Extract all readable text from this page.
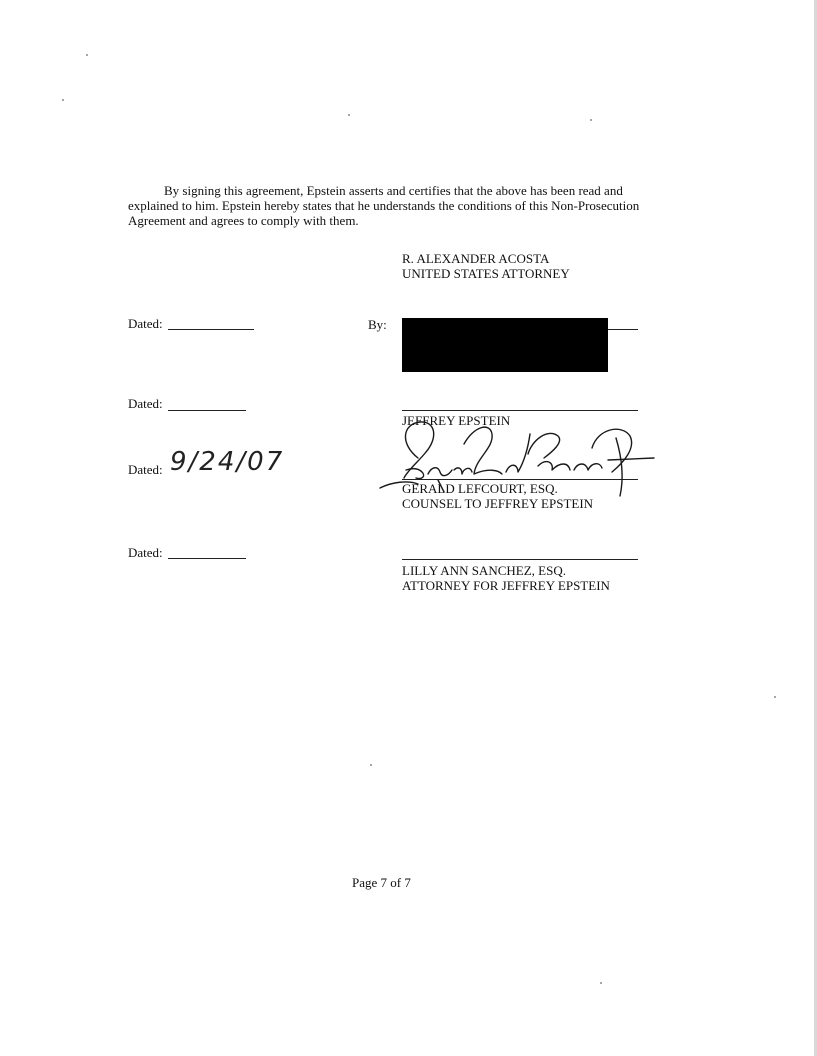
By signing this agreement, Epstein asserts and certifies that the above has been read and explained to him. Epstein hereby states that he understands the conditions of this Non-Prosecution Agreement and agrees to comply with them.

R. ALEXANDER ACOSTA
UNITED STATES ATTORNEY
Dated:	By:
Dated:
JEFFREY EPSTEIN
Dated: 9/24/07
GERALD LEFCOURT, ESQ.
COUNSEL TO JEFFREY EPSTEIN
Dated:
LILLY ANN SANCHEZ, ESQ.
ATTORNEY FOR JEFFREY EPSTEIN
Page 7 of 7
